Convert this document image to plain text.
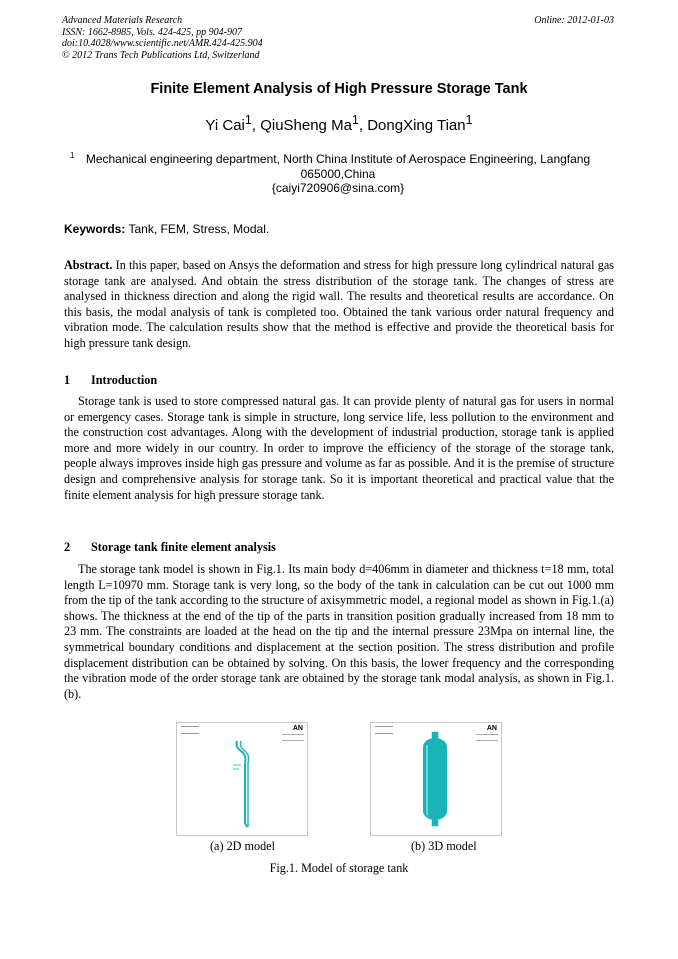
Advanced Materials Research
ISSN: 1662-8985, Vols. 424-425, pp 904-907
doi:10.4028/www.scientific.net/AMR.424-425.904
© 2012 Trans Tech Publications Ltd, Switzerland
Online: 2012-01-03
Finite Element Analysis of High Pressure Storage Tank
Yi Cai$^1$, QiuSheng Ma$^1$, DongXing Tian$^1$
1 Mechanical engineering department, North China Institute of Aerospace Engineering, Langfang
065000,China
{caiyi720906@sina.com}
Keywords: Tank, FEM, Stress, Modal.
Abstract. In this paper, based on Ansys the deformation and stress for high pressure long cylindrical natural gas storage tank are analysed. And obtain the stress distribution of the storage tank. The changes of stress are analysed in thickness direction and along the rigid wall. The results and theoretical results are accordance. On this basis, the modal analysis of tank is completed too. Obtained the tank various order natural frequency and vibration mode. The calculation results show that the method is effective and provide the theoretical basis for high pressure tank design.
1 Introduction
Storage tank is used to store compressed natural gas. It can provide plenty of natural gas for users in normal or emergency cases. Storage tank is simple in structure, long service life, less pollution to the environment and the construction cost advantages. Along with the development of industrial production, storage tank is applied more and more widely in our country. In order to improve the efficiency of the storage of the storage tank, people always improves inside high gas pressure and volume as far as possible. And it is the premise of structure design and comprehensive analysis for storage tank. So it is important theoretical and practical value that the finite element analysis for high pressure storage tank.
2 Storage tank finite element analysis
The storage tank model is shown in Fig.1. Its main body d=406mm in diameter and thickness t=18 mm, total length L=10970 mm. Storage tank is very long, so the body of the tank in calculation can be cut out 1000 mm from the tip of the tank according to the structure of axisymmetric model, a regional model as shown in Fig.1.(a) shows. The thickness at the end of the tip of the parts in transition position gradually increased from 18 mm to 23 mm. The constraints are loaded at the head on the tip and the internal pressure 23Mpa on internal line, the symmetrical boundary conditions and displacement at the section position. The stress distribution and profile displacement distribution can be obtained by solving. On this basis, the lower frequency and the corresponding the vibration mode of the order storage tank are obtained by the storage tank modal analysis, as shown in Fig.1. (b).
AN	AN
(a) 2D model	(b) 3D model
Fig.1. Model of storage tank
